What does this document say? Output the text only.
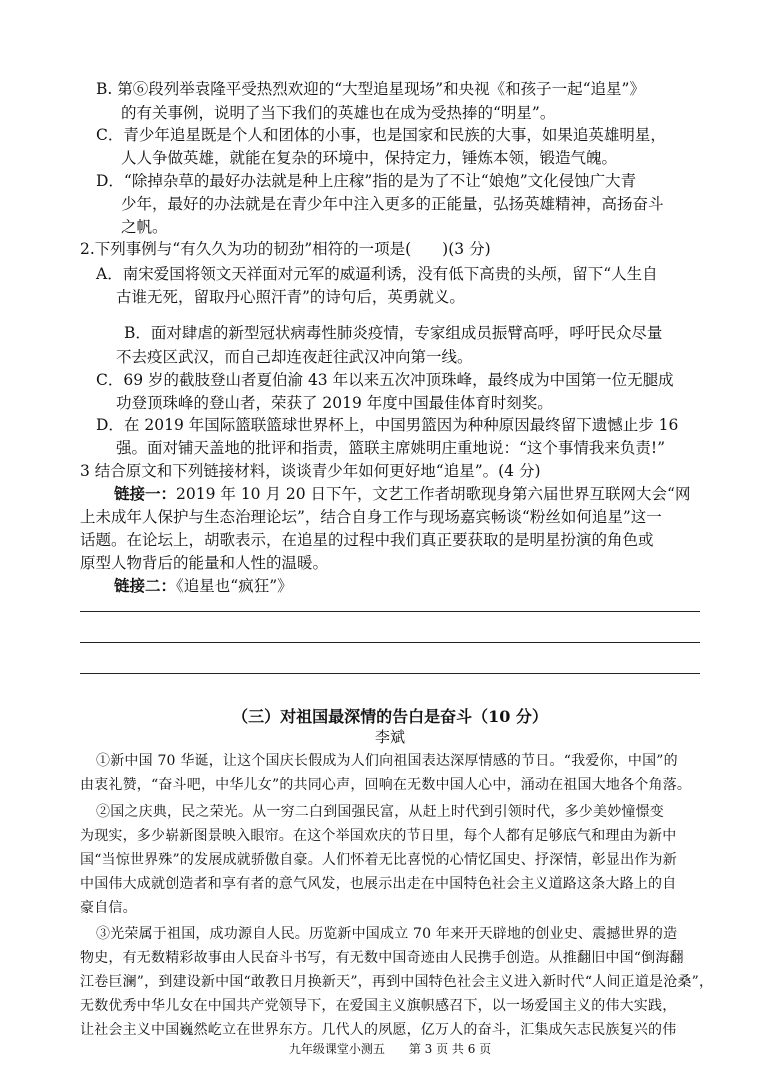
B. 第⑥段列举袁隆平受热烈欢迎的“大型追星现场”和央视《和孩子一起“追星”》
的有关事例，说明了当下我们的英雄也在成为受热捧的“明星”。
C．青少年追星既是个人和团体的小事，也是国家和民族的大事，如果追英雄明星，
人人争做英雄，就能在复杂的环境中，保持定力，锤炼本领，锻造气魄。
D．“除掉杂草的最好办法就是种上庄稼”指的是为了不让“娘炮”文化侵蚀广大青
少年，最好的办法就是在青少年中注入更多的正能量，弘扬英雄精神，高扬奋斗
之帆。
2.下列事例与“有久久为功的韧劲”相符的一项是(　　)(3 分)
A．南宋爱国将领文天祥面对元军的威逼利诱，没有低下高贵的头颅，留下“人生自
古谁无死，留取丹心照汗青”的诗句后，英勇就义。
B．面对肆虐的新型冠状病毒性肺炎疫情，专家组成员振臂高呼，呼吁民众尽量
不去疫区武汉，而自己却连夜赶往武汉冲向第一线。
C．69 岁的截肢登山者夏伯渝 43 年以来五次冲顶珠峰，最终成为中国第一位无腿成
功登顶珠峰的登山者，荣获了 2019 年度中国最佳体育时刻奖。
D．在 2019 年国际篮联篮球世界杯上，中国男篮因为种种原因最终留下遗憾止步 16
强。面对铺天盖地的批评和指责，篮联主席姚明庄重地说：“这个事情我来负责!”
3 结合原文和下列链接材料，谈谈青少年如何更好地“追星”。(4 分)
链接一：2019 年 10 月 20 日下午，文艺工作者胡歌现身第六届世界互联网大会“网
上未成年人保护与生态治理论坛”，结合自身工作与现场嘉宾畅谈“粉丝如何追星”这一
话题。在论坛上，胡歌表示，在追星的过程中我们真正要获取的是明星扮演的角色或
原型人物背后的能量和人性的温暖。
链接二：《追星也“疯狂”》
（三）对祖国最深情的告白是奋斗（10 分）
李斌
①新中国 70 华诞，让这个国庆长假成为人们向祖国表达深厚情感的节日。“我爱你，中国”的
由衷礼赞，“奋斗吧，中华儿女”的共同心声，回响在无数中国人心中，涌动在祖国大地各个角落。
②国之庆典，民之荣光。从一穷二白到国强民富，从赶上时代到引领时代，多少美妙憧憬变
为现实，多少崭新图景映入眼帘。在这个举国欢庆的节日里，每个人都有足够底气和理由为新中
国“当惊世界殊”的发展成就骄傲自豪。人们怀着无比喜悦的心情忆国史、抒深情，彰显出作为新
中国伟大成就创造者和享有者的意气风发，也展示出走在中国特色社会主义道路这条大路上的自
豪自信。
③光荣属于祖国，成功源自人民。历览新中国成立 70 年来开天辟地的创业史、震撼世界的造
物史，有无数精彩故事由人民奋斗书写，有无数中国奇迹由人民携手创造。从推翻旧中国“倒海翻
江卷巨澜”，到建设新中国“敢教日月换新天”，再到中国特色社会主义进入新时代“人间正道是沧桑”，
无数优秀中华儿女在中国共产党领导下，在爱国主义旗帜感召下，以一场爱国主义的伟大实践，
让社会主义中国巍然屹立在世界东方。几代人的夙愿，亿万人的奋斗，汇集成矢志民族复兴的伟
九年级课堂小测五　　第 3 页 共 6 页
